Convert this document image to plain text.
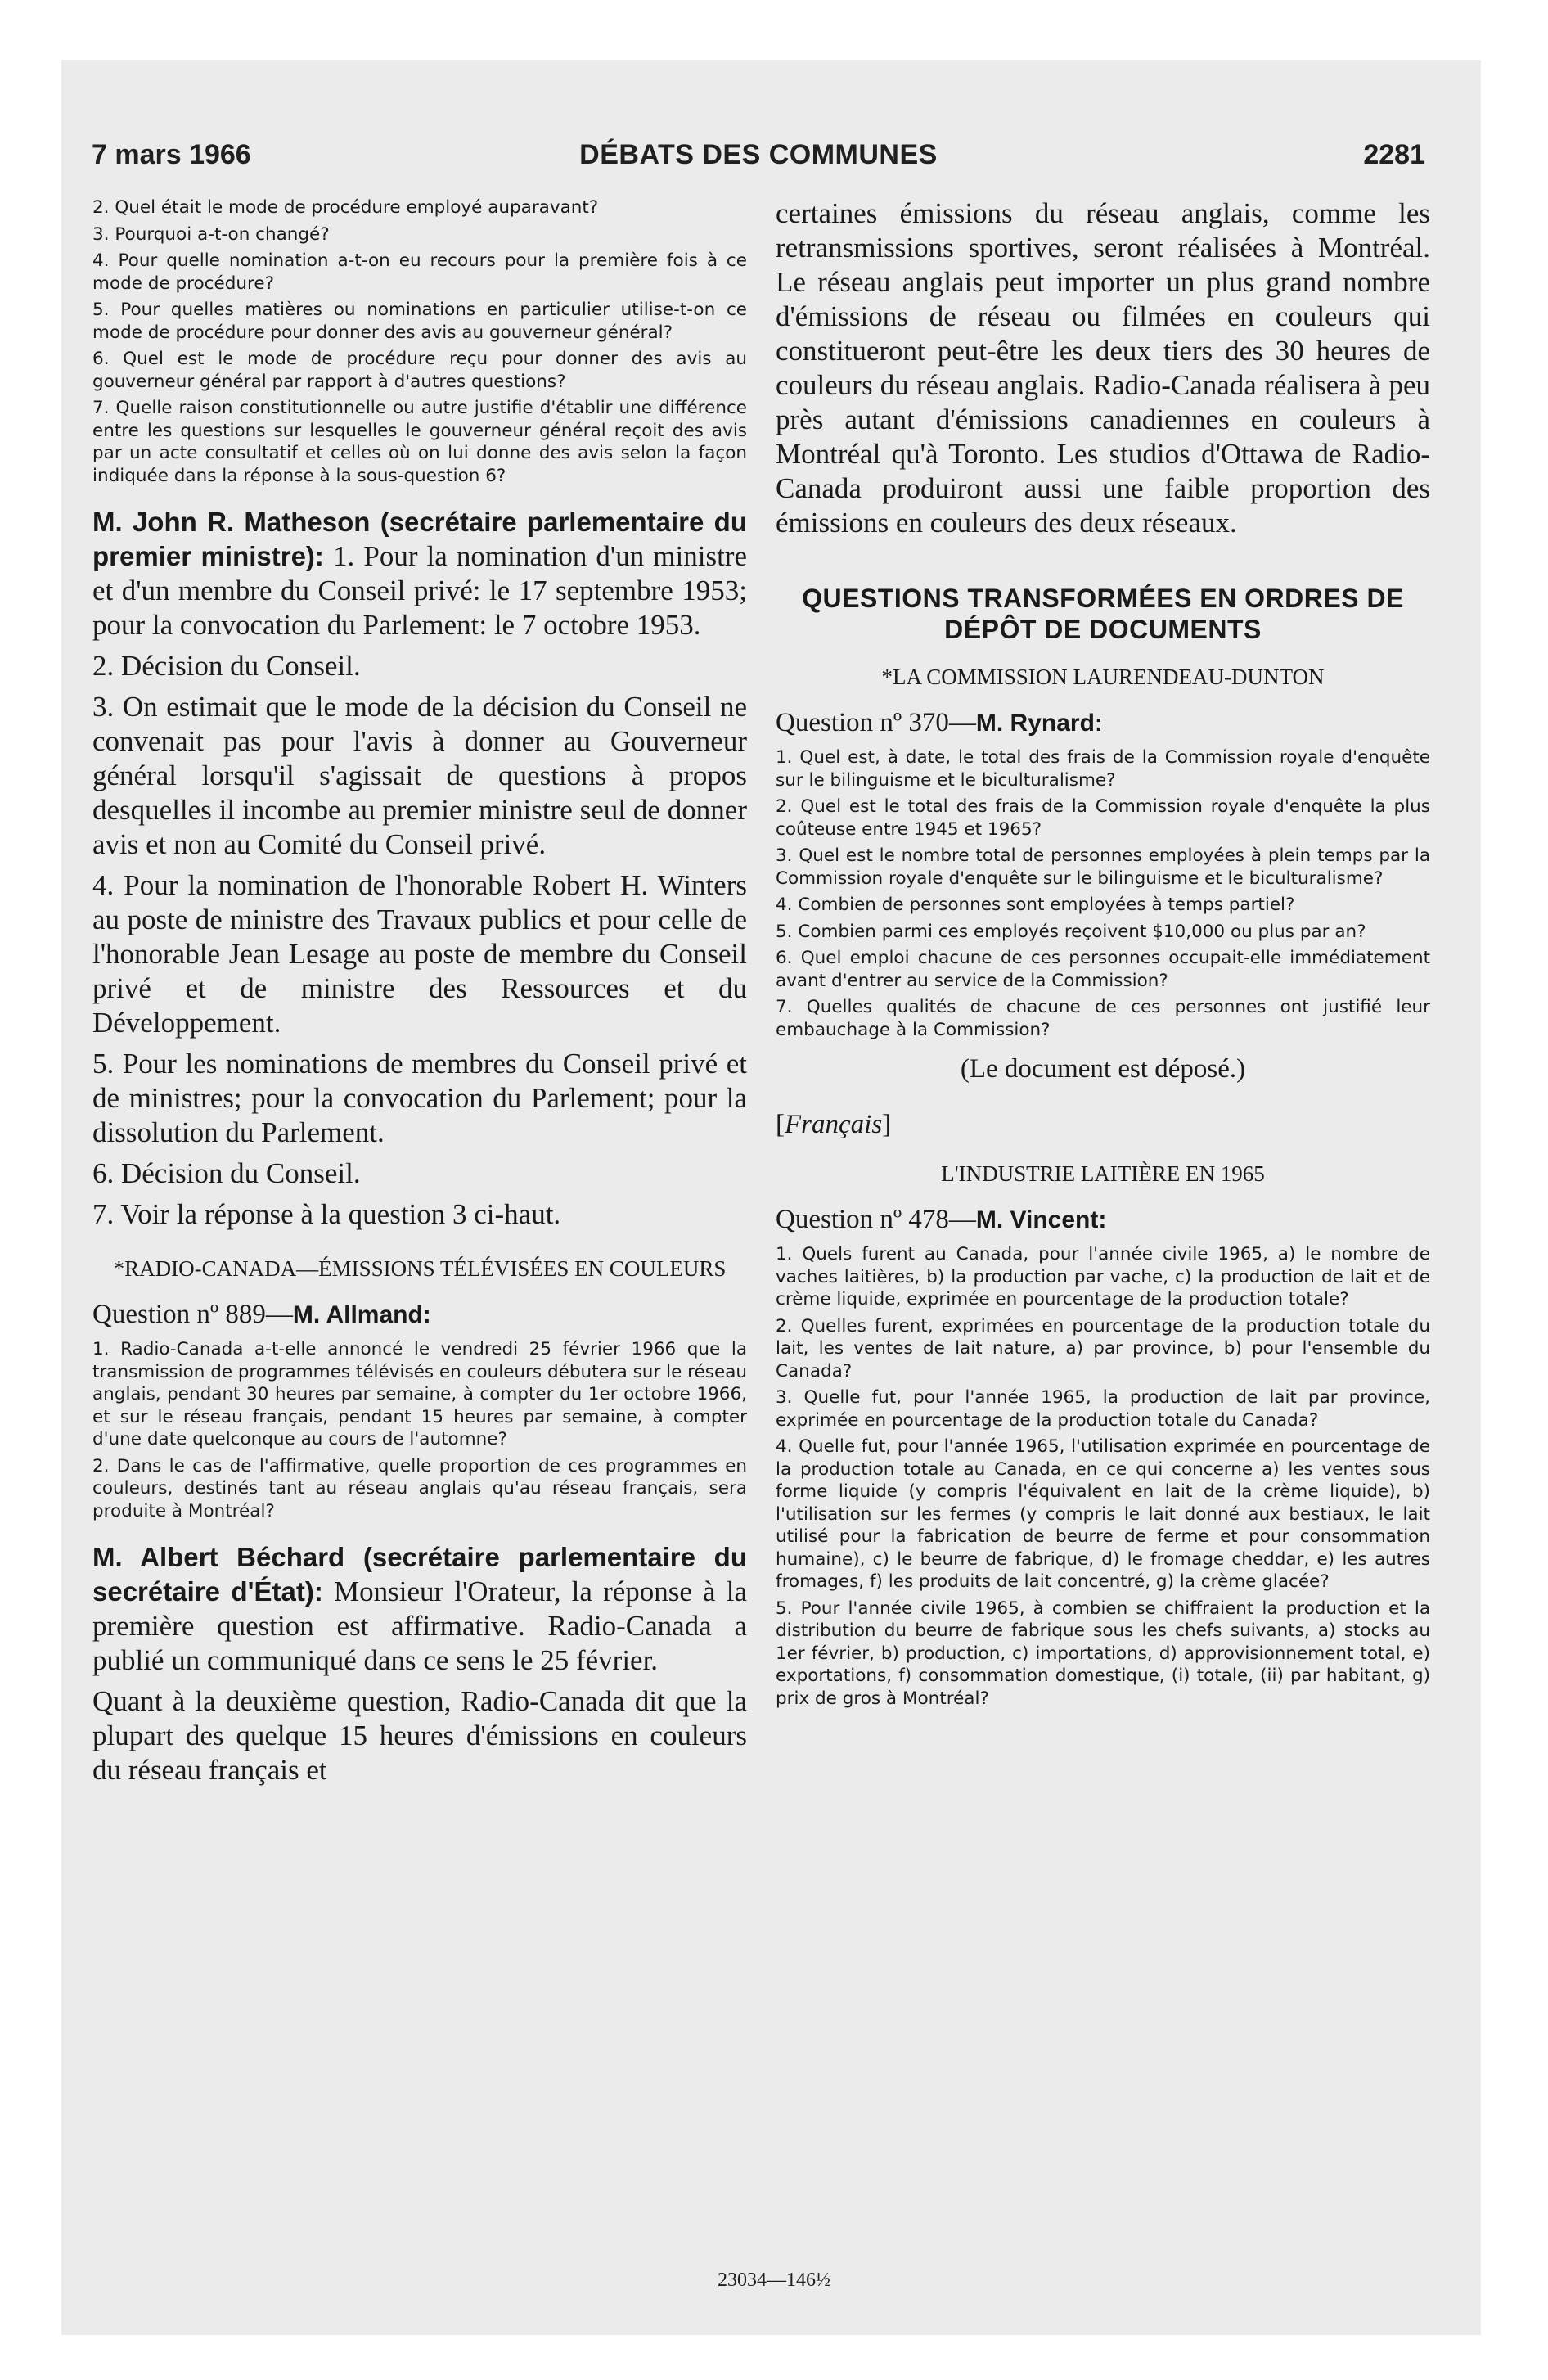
7 mars 1966	DÉBATS DES COMMUNES	2281

2. Quel était le mode de procédure employé auparavant?

3. Pourquoi a-t-on changé?

4. Pour quelle nomination a-t-on eu recours pour la première fois à ce mode de procédure?

5. Pour quelles matières ou nominations en particulier utilise-t-on ce mode de procédure pour donner des avis au gouverneur général?

6. Quel est le mode de procédure reçu pour donner des avis au gouverneur général par rapport à d'autres questions?

7. Quelle raison constitutionnelle ou autre justifie d'établir une différence entre les questions sur lesquelles le gouverneur général reçoit des avis par un acte consultatif et celles où on lui donne des avis selon la façon indiquée dans la réponse à la sous-question 6?

M. John R. Matheson (secrétaire parlementaire du premier ministre): 1. Pour la nomination d'un ministre et d'un membre du Conseil privé: le 17 septembre 1953; pour la convocation du Parlement: le 7 octobre 1953.

2. Décision du Conseil.

3. On estimait que le mode de la décision du Conseil ne convenait pas pour l'avis à donner au Gouverneur général lorsqu'il s'agissait de questions à propos desquelles il incombe au premier ministre seul de donner avis et non au Comité du Conseil privé.

4. Pour la nomination de l'honorable Robert H. Winters au poste de ministre des Travaux publics et pour celle de l'honorable Jean Lesage au poste de membre du Conseil privé et de ministre des Ressources et du Développement.

5. Pour les nominations de membres du Conseil privé et de ministres; pour la convocation du Parlement; pour la dissolution du Parlement.

6. Décision du Conseil.

7. Voir la réponse à la question 3 ci-haut.

*RADIO-CANADA—ÉMISSIONS TÉLÉVISÉES EN COULEURS
Question nº 889—M. Allmand:

1. Radio-Canada a-t-elle annoncé le vendredi 25 février 1966 que la transmission de programmes télévisés en couleurs débutera sur le réseau anglais, pendant 30 heures par semaine, à compter du 1er octobre 1966, et sur le réseau français, pendant 15 heures par semaine, à compter d'une date quelconque au cours de l'automne?

2. Dans le cas de l'affirmative, quelle proportion de ces programmes en couleurs, destinés tant au réseau anglais qu'au réseau français, sera produite à Montréal?

M. Albert Béchard (secrétaire parlementaire du secrétaire d'État): Monsieur l'Orateur, la réponse à la première question est affirmative. Radio-Canada a publié un communiqué dans ce sens le 25 février.

Quant à la deuxième question, Radio-Canada dit que la plupart des quelque 15 heures d'émissions en couleurs du réseau français et

certaines émissions du réseau anglais, comme les retransmissions sportives, seront réalisées à Montréal. Le réseau anglais peut importer un plus grand nombre d'émissions de réseau ou filmées en couleurs qui constitueront peut-être les deux tiers des 30 heures de couleurs du réseau anglais. Radio-Canada réalisera à peu près autant d'émissions canadiennes en couleurs à Montréal qu'à Toronto. Les studios d'Ottawa de Radio-Canada produiront aussi une faible proportion des émissions en couleurs des deux réseaux.

QUESTIONS TRANSFORMÉES EN ORDRES DE DÉPÔT DE DOCUMENTS
*LA COMMISSION LAURENDEAU-DUNTON
Question nº 370—M. Rynard:

1. Quel est, à date, le total des frais de la Commission royale d'enquête sur le bilinguisme et le biculturalisme?

2. Quel est le total des frais de la Commission royale d'enquête la plus coûteuse entre 1945 et 1965?

3. Quel est le nombre total de personnes employées à plein temps par la Commission royale d'enquête sur le bilinguisme et le biculturalisme?

4. Combien de personnes sont employées à temps partiel?

5. Combien parmi ces employés reçoivent $10,000 ou plus par an?

6. Quel emploi chacune de ces personnes occupait-elle immédiatement avant d'entrer au service de la Commission?

7. Quelles qualités de chacune de ces personnes ont justifié leur embauchage à la Commission?

(Le document est déposé.)
[Français]
L'INDUSTRIE LAITIÈRE EN 1965
Question nº 478—M. Vincent:

1. Quels furent au Canada, pour l'année civile 1965, a) le nombre de vaches laitières, b) la production par vache, c) la production de lait et de crème liquide, exprimée en pourcentage de la production totale?

2. Quelles furent, exprimées en pourcentage de la production totale du lait, les ventes de lait nature, a) par province, b) pour l'ensemble du Canada?

3. Quelle fut, pour l'année 1965, la production de lait par province, exprimée en pourcentage de la production totale du Canada?

4. Quelle fut, pour l'année 1965, l'utilisation exprimée en pourcentage de la production totale au Canada, en ce qui concerne a) les ventes sous forme liquide (y compris l'équivalent en lait de la crème liquide), b) l'utilisation sur les fermes (y compris le lait donné aux bestiaux, le lait utilisé pour la fabrication de beurre de ferme et pour consommation humaine), c) le beurre de fabrique, d) le fromage cheddar, e) les autres fromages, f) les produits de lait concentré, g) la crème glacée?

5. Pour l'année civile 1965, à combien se chiffraient la production et la distribution du beurre de fabrique sous les chefs suivants, a) stocks au 1er février, b) production, c) importations, d) approvisionnement total, e) exportations, f) consommation domestique, (i) totale, (ii) par habitant, g) prix de gros à Montréal?

23034—146½
